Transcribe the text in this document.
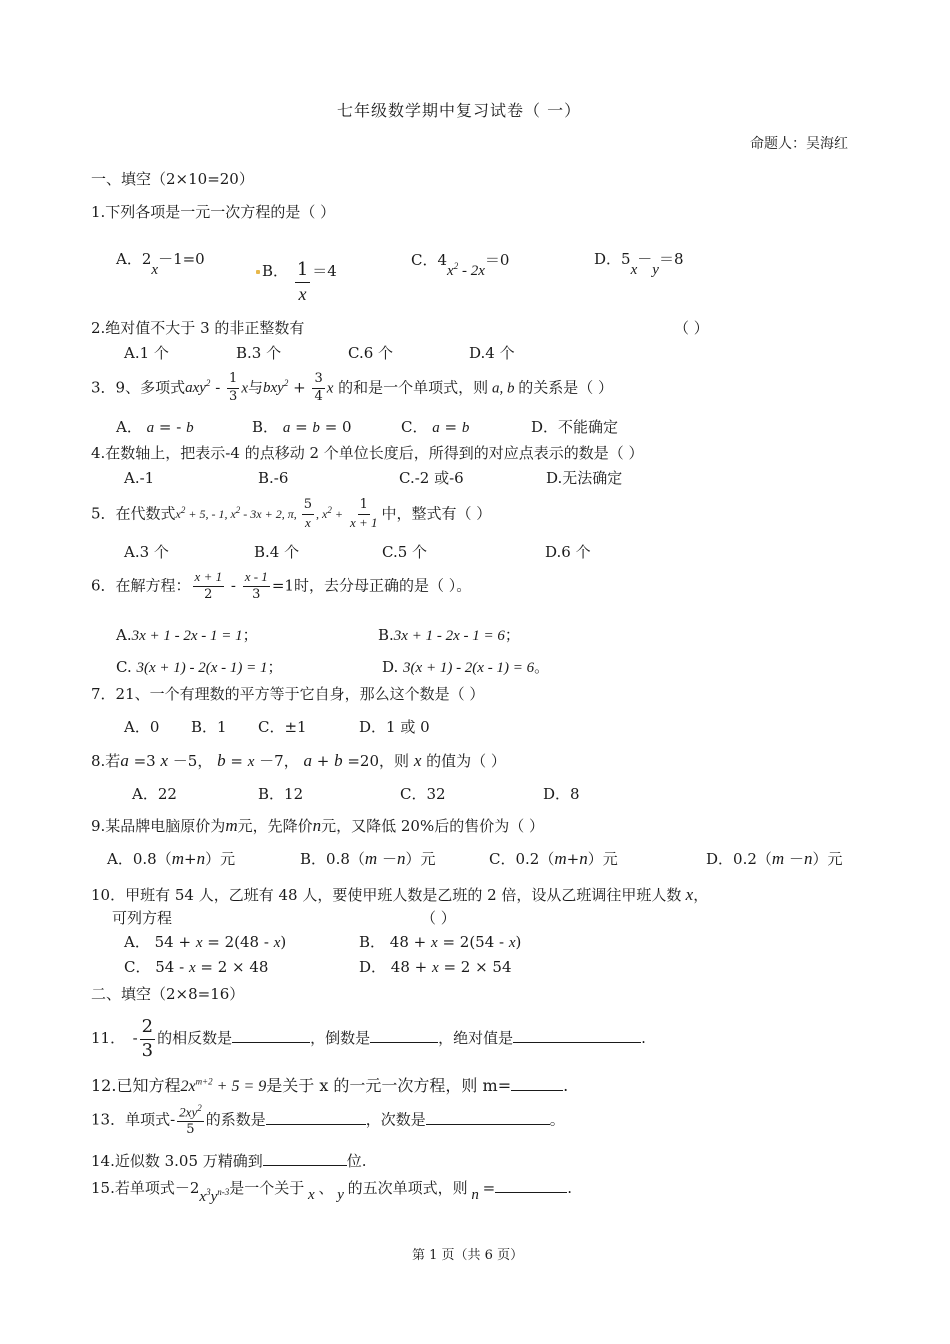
七年级数学期中复习试卷（ 一）
命题人：吴海红
一、填空（2×10=20）
1.下列各项是一元一次方程的是（ ）
A．2x－1=0
B． $\frac{1}{x} =4$
C．$4x^2 - 2x=0$	D．5x－y＝8
2.绝对值不大于 3 的非正整数有	（ ）
A.1 个	B.3 个	C.6 个	D.4 个
3．9、多项式$axy^2 - \frac{1}{3}$ x与$bxy^2 + \frac{3}{4}$ x 的和是一个单项式，则 a, b 的关系是（ ）
A． a = - b	B． a = b = 0	C． a = b	D．不能确定
4.在数轴上，把表示-4 的点移动 2 个单位长度后，所得到的对应点表示的数是（ ）
A.-1	B.-6	C.-2 或-6	D.无法确定
5．在代数式$x^2 + 5$, - 1, $x^2 - 3x + 2$, π, $\frac{5}{x}$ , $x^2 + \frac{1}{x + 1}$ 中，整式有（ ）
A.3 个	B.4 个	C.5 个	D.6 个
6．在解方程： $\frac{x + 1}{2} - \frac{x - 1}{3} =1$时，去分母正确的是（ ）。
A.3x + 1 - 2x - 1 = 1；	B.3x + 1 - 2x - 1 = 6；
C. 3(x + 1) - 2(x - 1) = 1；	D. 3(x + 1) - 2(x - 1) = 6。
7．21、一个有理数的平方等于它自身，那么这个数是（ ）
A．0 B．1 C．±1	D．1 或 0
8.若a =3 x －5， b = x －7， a + b =20，则 x 的值为（ ）
A．22	B．12	C．32	D．8
9.某品牌电脑原价为m元，先降价n元，又降低 20%后的售价为（ ）
A．0.8（m+n）元	B．0.8（m －n）元	C．0.2（m+n）元	D．0.2（m －n）元
10．甲班有 54 人，乙班有 48 人，要使甲班人数是乙班的 2 倍，设从乙班调往甲班人数 x，
可列方程	（ ）
A． 54 + x = 2(48 - x)	B． 48 + x = 2(54 - x)
C． 54 - x = 2 × 48	D． 48 + x = 2 × 54
二、填空（2×8=16）
11．　- $\frac{2}{3}$ 的相反数是	，倒数是	，绝对值是	.
12.已知方程$2x^{m+2} + 5 = 9$是关于 x 的一元一次方程，则 m=	.
13．单项式- $\frac{2xy^2}{5}$ 的系数是	，次数是	。
14.近似数 3.05 万精确到	位.
15.若单项式$-2x^3y^{n-3}$是一个关于 x 、 y 的五次单项式，则 n =	.
第 1 页（共 6 页）
